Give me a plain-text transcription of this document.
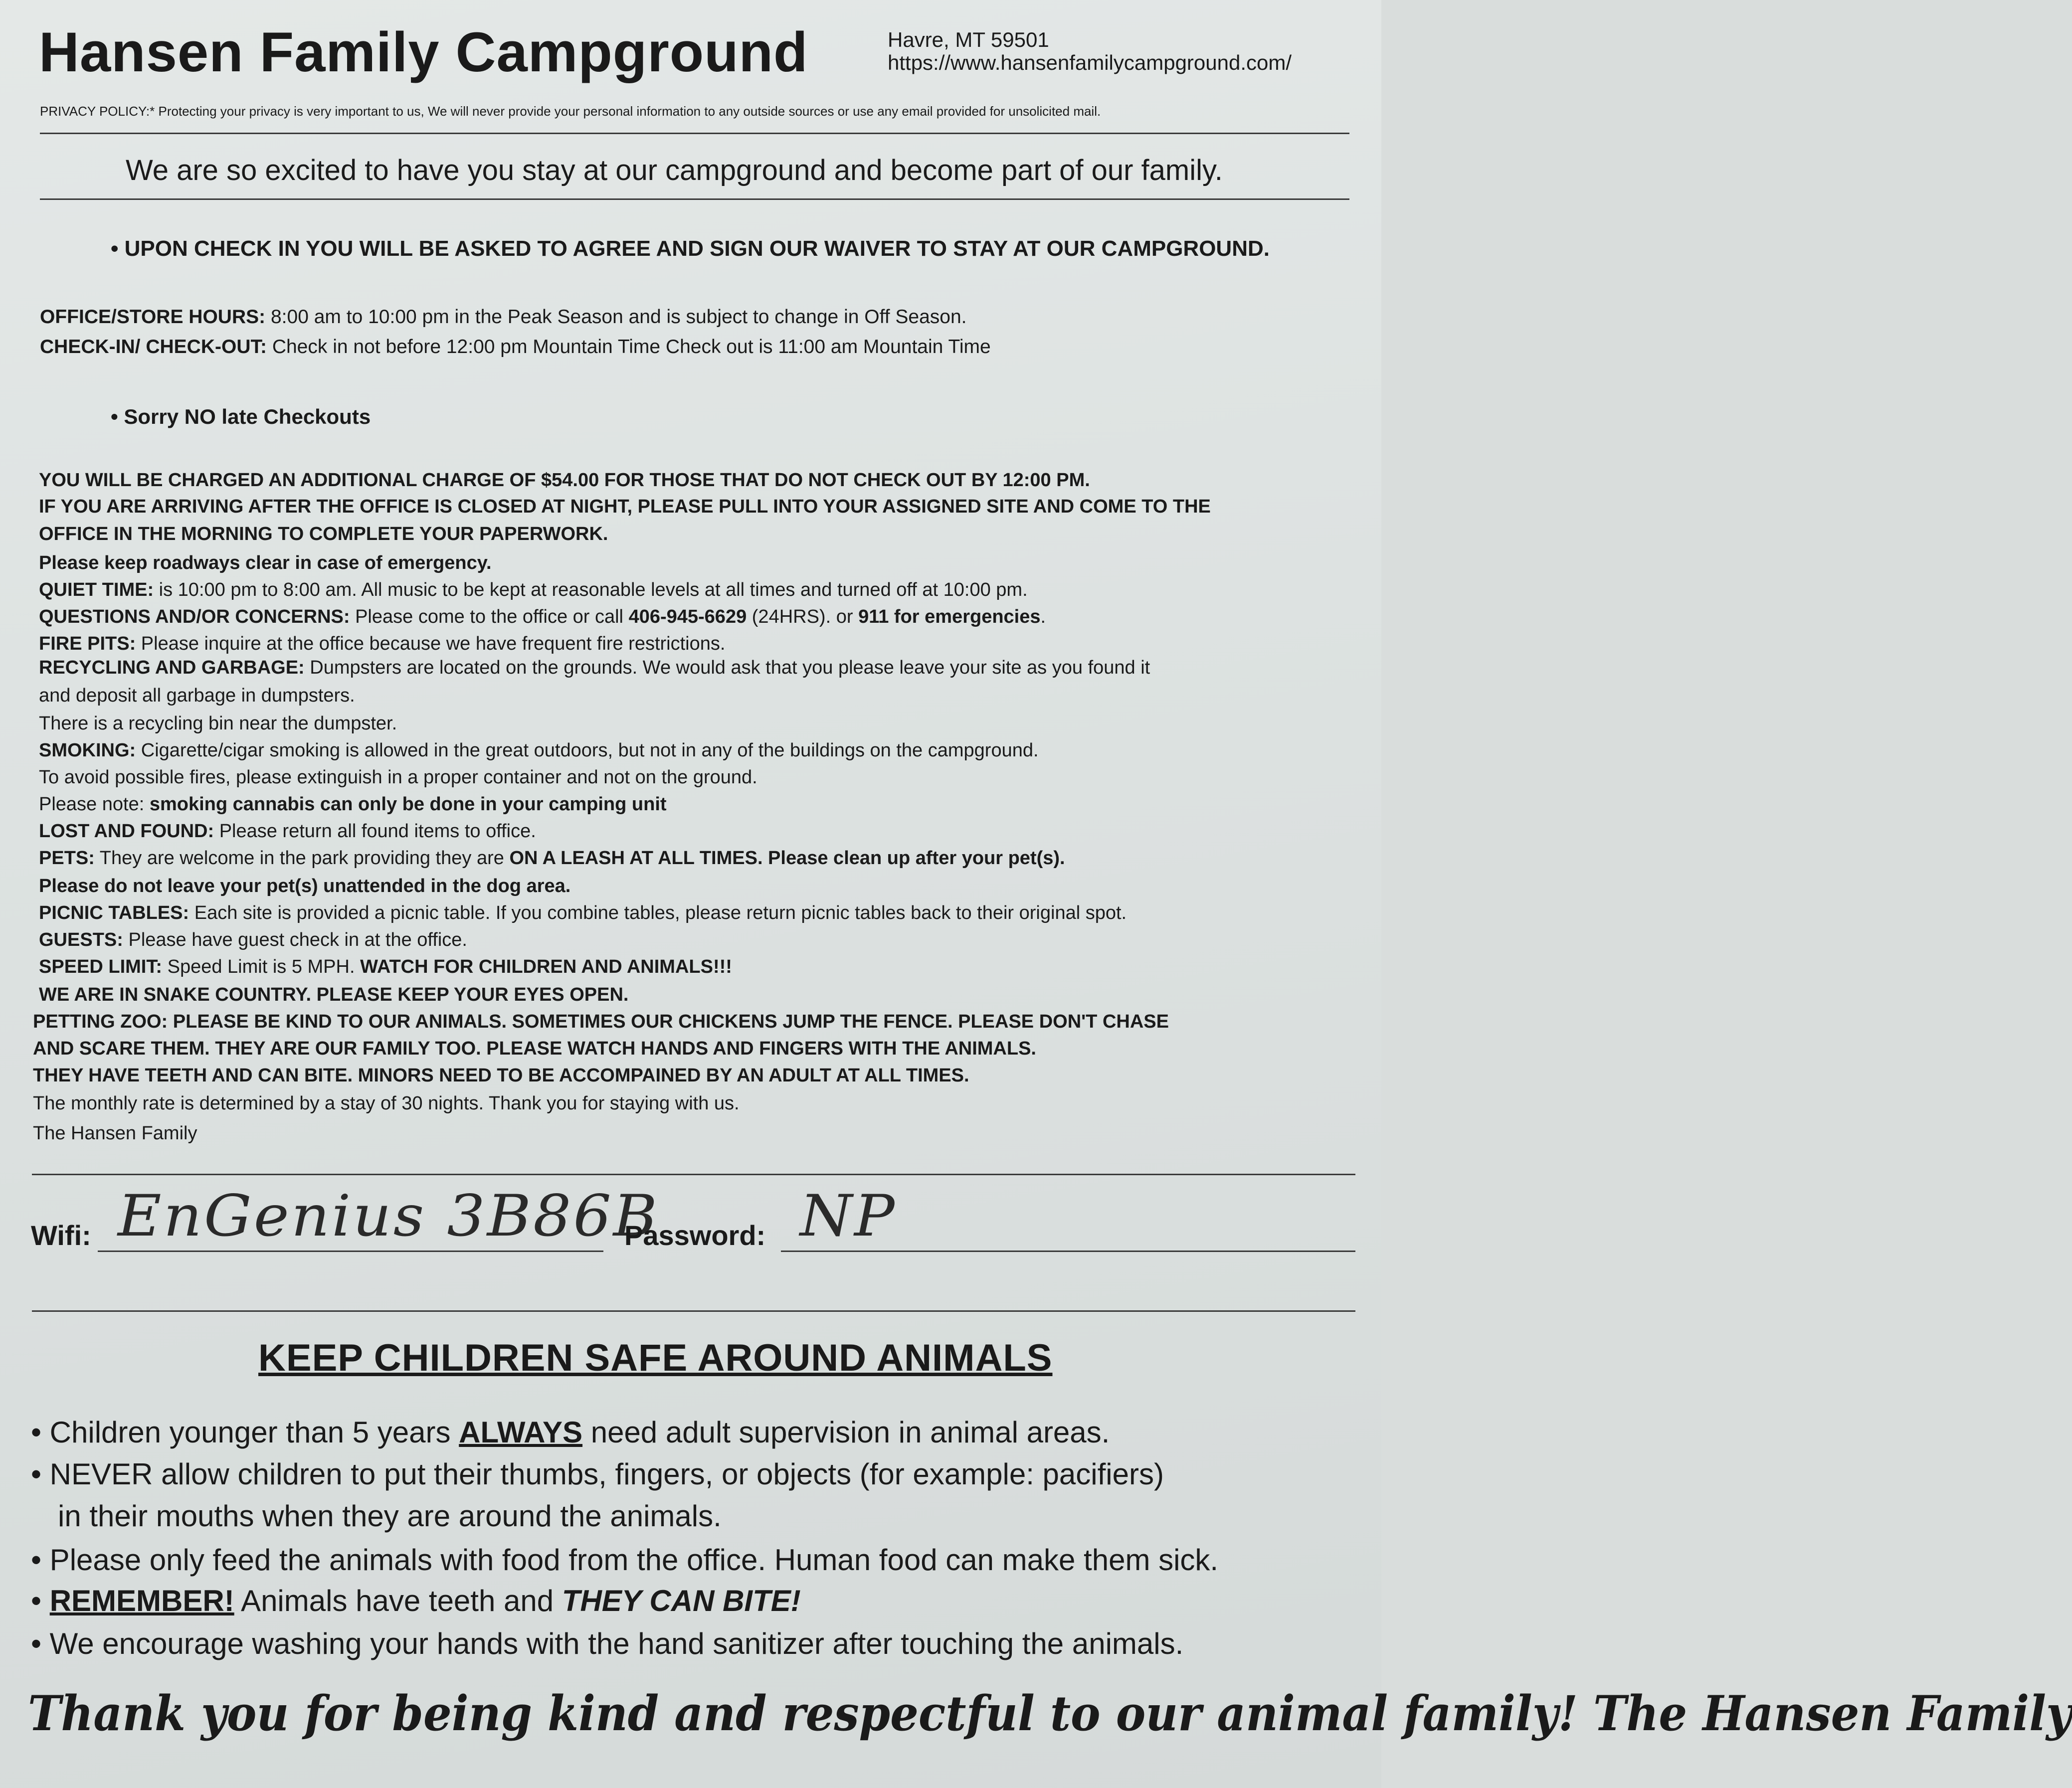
Hansen Family Campground	Havre, MT 59501
https://www.hansenfamilycampground.com/
PRIVACY POLICY:* Protecting your privacy is very important to us, We will never provide your personal information to any outside sources or use any email provided for unsolicited mail.
We are so excited to have you stay at our campground and become part of our family.
• UPON CHECK IN YOU WILL BE ASKED TO AGREE AND SIGN OUR WAIVER TO STAY AT OUR CAMPGROUND.
OFFICE/STORE HOURS: 8:00 am to 10:00 pm in the Peak Season and is subject to change in Off Season.
CHECK-IN/ CHECK-OUT: Check in not before 12:00 pm Mountain Time Check out is 11:00 am Mountain Time
• Sorry NO late Checkouts
YOU WILL BE CHARGED AN ADDITIONAL CHARGE OF $54.00 FOR THOSE THAT DO NOT CHECK OUT BY 12:00 PM.
IF YOU ARE ARRIVING AFTER THE OFFICE IS CLOSED AT NIGHT, PLEASE PULL INTO YOUR ASSIGNED SITE AND COME TO THE
OFFICE IN THE MORNING TO COMPLETE YOUR PAPERWORK.
Please keep roadways clear in case of emergency.
QUIET TIME: is 10:00 pm to 8:00 am. All music to be kept at reasonable levels at all times and turned off at 10:00 pm.
QUESTIONS AND/OR CONCERNS: Please come to the office or call 406-945-6629 (24HRS). or 911 for emergencies.
FIRE PITS: Please inquire at the office because we have frequent fire restrictions.
RECYCLING AND GARBAGE: Dumpsters are located on the grounds. We would ask that you please leave your site as you found it
and deposit all garbage in dumpsters.
There is a recycling bin near the dumpster.
SMOKING: Cigarette/cigar smoking is allowed in the great outdoors, but not in any of the buildings on the campground.
To avoid possible fires, please extinguish in a proper container and not on the ground.
Please note: smoking cannabis can only be done in your camping unit
LOST AND FOUND: Please return all found items to office.
PETS: They are welcome in the park providing they are ON A LEASH AT ALL TIMES. Please clean up after your pet(s).
Please do not leave your pet(s) unattended in the dog area.
PICNIC TABLES: Each site is provided a picnic table. If you combine tables, please return picnic tables back to their original spot.
GUESTS: Please have guest check in at the office.
SPEED LIMIT: Speed Limit is 5 MPH. WATCH FOR CHILDREN AND ANIMALS!!!
WE ARE IN SNAKE COUNTRY. PLEASE KEEP YOUR EYES OPEN.
PETTING ZOO: PLEASE BE KIND TO OUR ANIMALS. SOMETIMES OUR CHICKENS JUMP THE FENCE. PLEASE DON'T CHASE
AND SCARE THEM. THEY ARE OUR FAMILY TOO. PLEASE WATCH HANDS AND FINGERS WITH THE ANIMALS.
THEY HAVE TEETH AND CAN BITE. MINORS NEED TO BE ACCOMPAINED BY AN ADULT AT ALL TIMES.
The monthly rate is determined by a stay of 30 nights. Thank you for staying with us.
The Hansen Family
Wifi: EnGenius 3B86B
Password: NP
KEEP CHILDREN SAFE AROUND ANIMALS
• Children younger than 5 years ALWAYS need adult supervision in animal areas.
• NEVER allow children to put their thumbs, fingers, or objects (for example: pacifiers)
in their mouths when they are around the animals.
• Please only feed the animals with food from the office. Human food can make them sick.
• REMEMBER! Animals have teeth and THEY CAN BITE!
• We encourage washing your hands with the hand sanitizer after touching the animals.
Thank you for being kind and respectful to our animal family! The Hansen Family
